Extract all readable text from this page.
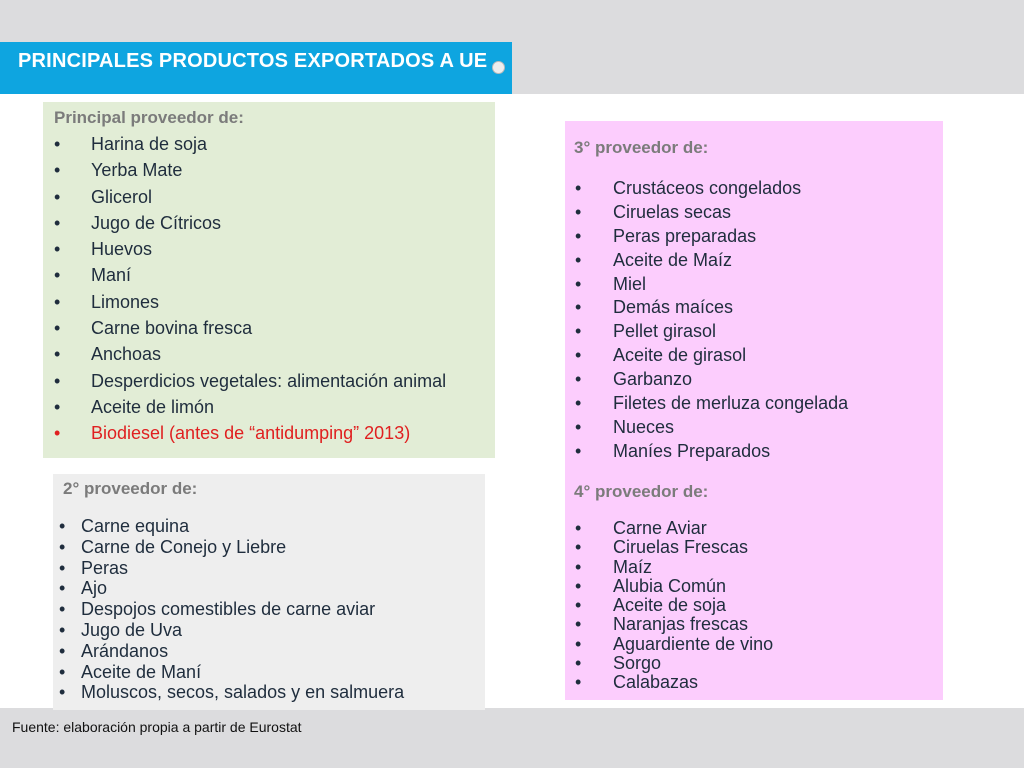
PRINCIPALES PRODUCTOS EXPORTADOS A UE
Principal proveedor de:
• Harina de soja
• Yerba Mate
• Glicerol
• Jugo de Cítricos
• Huevos
• Maní
• Limones
• Carne bovina fresca
• Anchoas
• Desperdicios vegetales: alimentación animal
• Aceite de limón
• Biodiesel (antes de “antidumping” 2013)
2° proveedor de:
• Carne equina
• Carne de Conejo y Liebre
• Peras
• Ajo
• Despojos comestibles de carne aviar
• Jugo de Uva
• Arándanos
• Aceite de Maní
• Moluscos, secos, salados y en salmuera
3° proveedor de:
• Crustáceos congelados
• Ciruelas secas
• Peras preparadas
• Aceite de Maíz
• Miel
• Demás maíces
• Pellet girasol
• Aceite de girasol
• Garbanzo
• Filetes de merluza congelada
• Nueces
• Maníes Preparados
4° proveedor de:
• Carne Aviar
• Ciruelas Frescas
• Maíz
• Alubia Común
• Aceite de soja
• Naranjas frescas
• Aguardiente de vino
• Sorgo
• Calabazas
Fuente: elaboración propia a partir de Eurostat
